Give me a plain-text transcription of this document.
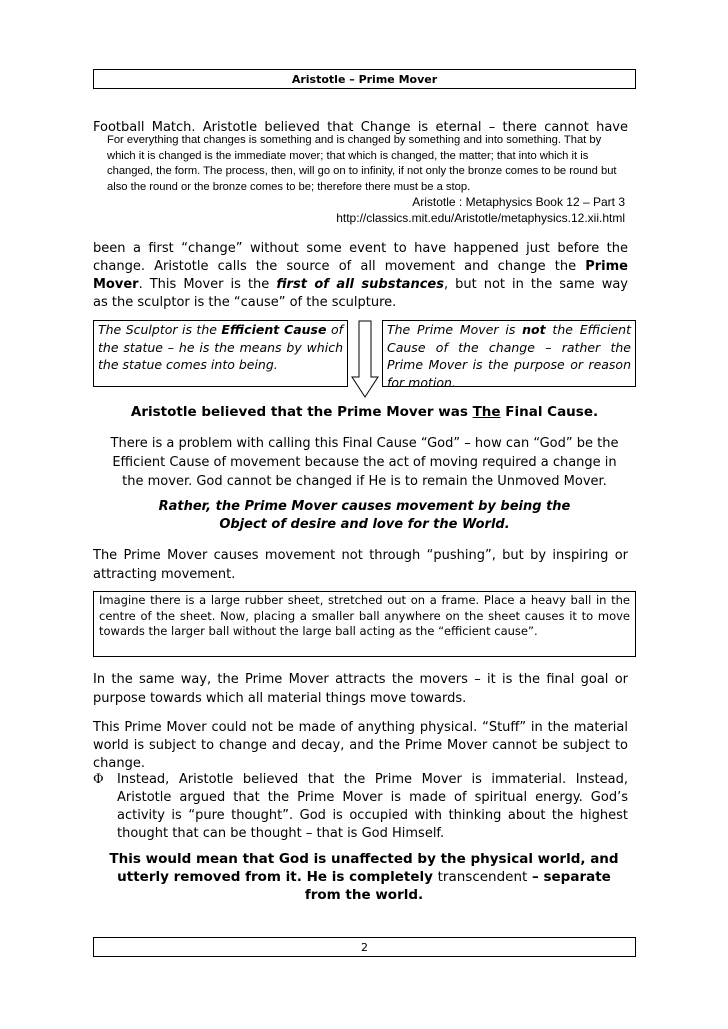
Aristotle – Prime Mover
Football Match. Aristotle believed that Change is eternal – there cannot have
For everything that changes is something and is changed by something and into something. That by which it is changed is the immediate mover; that which is changed, the matter; that into which it is changed, the form. The process, then, will go on to infinity, if not only the bronze comes to be round but also the round or the bronze comes to be; therefore there must be a stop.
Aristotle : Metaphysics Book 12 – Part 3
http://classics.mit.edu/Aristotle/metaphysics.12.xii.html
been a first “change” without some event to have happened just before the
change. Aristotle calls the source of all movement and change the Prime
Mover. This Mover is the first of all substances, but not in the same way
as the sculptor is the “cause” of the sculpture.
The Sculptor is the Efficient Cause of the statue – he is the means by which the statue comes into being.
The Prime Mover is not the Efficient Cause of the change – rather the Prime Mover is the purpose or reason for motion.
Aristotle believed that the Prime Mover was The Final Cause.
There is a problem with calling this Final Cause “God” – how can “God” be the
Efficient Cause of movement because the act of moving required a change in
the mover. God cannot be changed if He is to remain the Unmoved Mover.
Rather, the Prime Mover causes movement by being the
Object of desire and love for the World.
The Prime Mover causes movement not through “pushing”, but by inspiring or attracting movement.
Imagine there is a large rubber sheet, stretched out on a frame. Place a heavy ball in the centre of the sheet. Now, placing a smaller ball anywhere on the sheet causes it to move towards the larger ball without the large ball acting as the “efficient cause”.
In the same way, the Prime Mover attracts the movers – it is the final goal or purpose towards which all material things move towards.
This Prime Mover could not be made of anything physical. “Stuff” in the material world is subject to change and decay, and the Prime Mover cannot be subject to change.
Φ Instead, Aristotle believed that the Prime Mover is immaterial. Instead, Aristotle argued that the Prime Mover is made of spiritual energy. God’s activity is “pure thought”. God is occupied with thinking about the highest thought that can be thought – that is God Himself.
This would mean that God is unaffected by the physical world, and utterly removed from it. He is completely transcendent – separate from the world.
2
